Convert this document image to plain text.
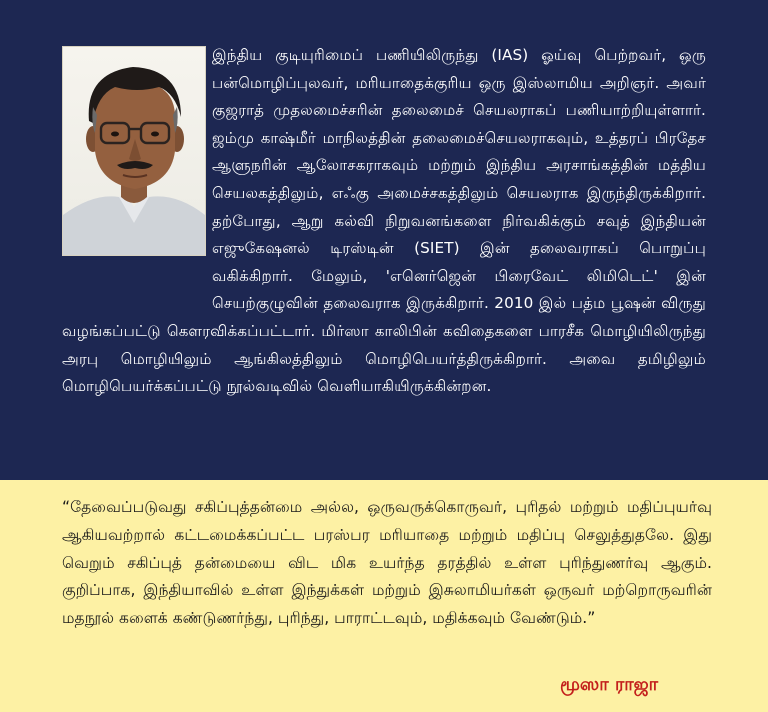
இந்திய குடியுரிமைப் பணியிலிருந்து (IAS) ஓய்வு பெற்றவர், ஒரு பன்மொழிப்புலவர், மரியாதைக்குரிய ஒரு இஸ்லாமிய அறிஞர். அவர் குஜராத் முதலமைச்சரின் தலைமைச் செயலராகப் பணியாற்றியுள்ளார். ஜம்மு காஷ்மீர் மாநிலத்தின் தலைமைச்செயலராகவும், உத்தரப் பிரதேச ஆளுநரின் ஆலோசகராகவும் மற்றும் இந்திய அரசாங்கத்தின் மத்திய செயலகத்திலும், எஃகு அமைச்சகத்திலும் செயலராக இருந்திருக்கிறார். தற்போது, ஆறு கல்வி நிறுவனங்களை நிர்வகிக்கும் சவுத் இந்தியன் எஜுகேஷனல் டிரஸ்டின் (SIET) இன் தலைவராகப் பொறுப்பு வகிக்கிறார். மேலும், 'எனெர்ஜென் பிரைவேட் லிமிடெட்' இன் செயற்குழுவின் தலைவராக இருக்கிறார். 2010 இல் பத்ம பூஷன் விருது வழங்கப்பட்டு கௌரவிக்கப்பட்டார். மிர்ஸா காலிபின் கவிதைகளை பாரசீக மொழியிலிருந்து அரபு மொழியிலும் ஆங்கிலத்திலும் மொழிபெயர்த்திருக்கிறார். அவை தமிழிலும் மொழிபெயர்க்கப்பட்டு நூல்வடிவில் வெளியாகியிருக்கின்றன.
“தேவைப்படுவது சகிப்புத்தன்மை அல்ல, ஒருவருக்கொருவர், புரிதல் மற்றும் மதிப்புயர்வு ஆகியவற்றால் கட்டமைக்கப்பட்ட பரஸ்பர மரியாதை மற்றும் மதிப்பு செலுத்துதலே. இது வெறும் சகிப்புத் தன்மையை விட மிக உயர்ந்த தரத்தில் உள்ள புரிந்துணர்வு ஆகும். குறிப்பாக, இந்தியாவில் உள்ள இந்துக்கள் மற்றும் இசுலாமியர்கள் ஒருவர் மற்றொருவரின் மதநூல் களைக் கண்டுணர்ந்து, புரிந்து, பாராட்டவும், மதிக்கவும் வேண்டும்.”
மூஸா ராஜா
